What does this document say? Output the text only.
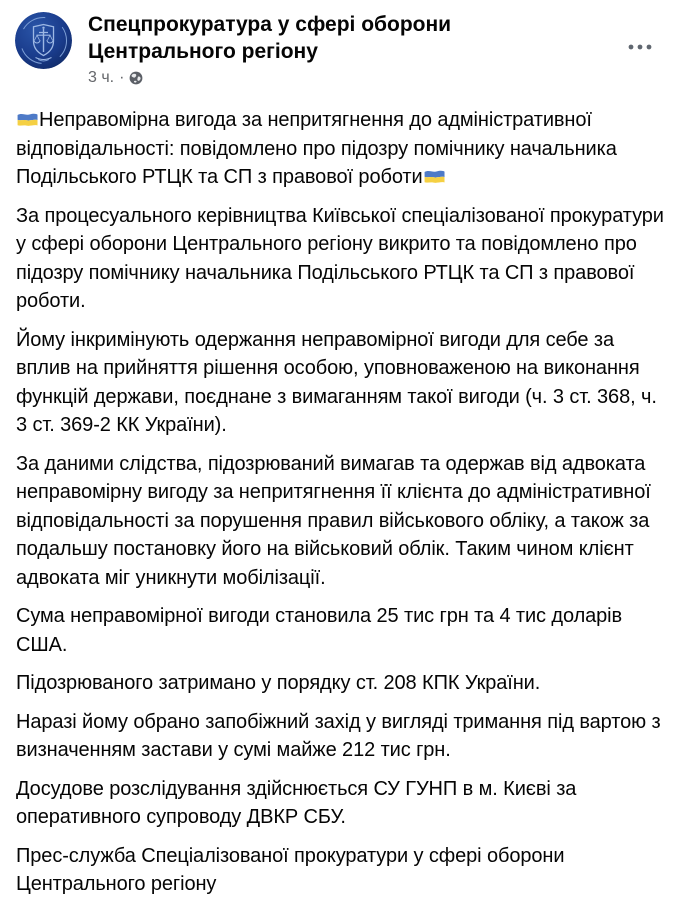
Спецпрокуратура у сфері оборони Центрального регіону
3 ч. ·

Неправомірна вигода за непритягнення до адміністративної відповідальності: повідомлено про підозру помічнику начальника Подільського РТЦК та СП з правової роботи

За процесуального керівництва Київської спеціалізованої прокуратури у сфері оборони Центрального регіону викрито та повідомлено про підозру помічнику начальника Подільського РТЦК та СП з правової роботи.

Йому інкримінують одержання неправомірної вигоди для себе за вплив на прийняття рішення особою, уповноваженою на виконання функцій держави, поєднане з вимаганням такої вигоди (ч. 3 ст. 368, ч. 3 ст. 369-2 КК України).

За даними слідства, підозрюваний вимагав та одержав від адвоката неправомірну вигоду за непритягнення її клієнта до адміністративної відповідальності за порушення правил військового обліку, а також за подальшу постановку його на військовий облік. Таким чином клієнт адвоката міг уникнути мобілізації.

Сума неправомірної вигоди становила 25 тис грн та 4 тис доларів США.

Підозрюваного затримано у порядку ст. 208 КПК України.

Наразі йому обрано запобіжний захід у вигляді тримання під вартою з визначенням застави у сумі майже 212 тис грн.

Досудове розслідування здійснюється СУ ГУНП в м. Києві за оперативного супроводу ДВКР СБУ.

Прес-служба Спеціалізованої прокуратури у сфері оборони Центрального регіону
